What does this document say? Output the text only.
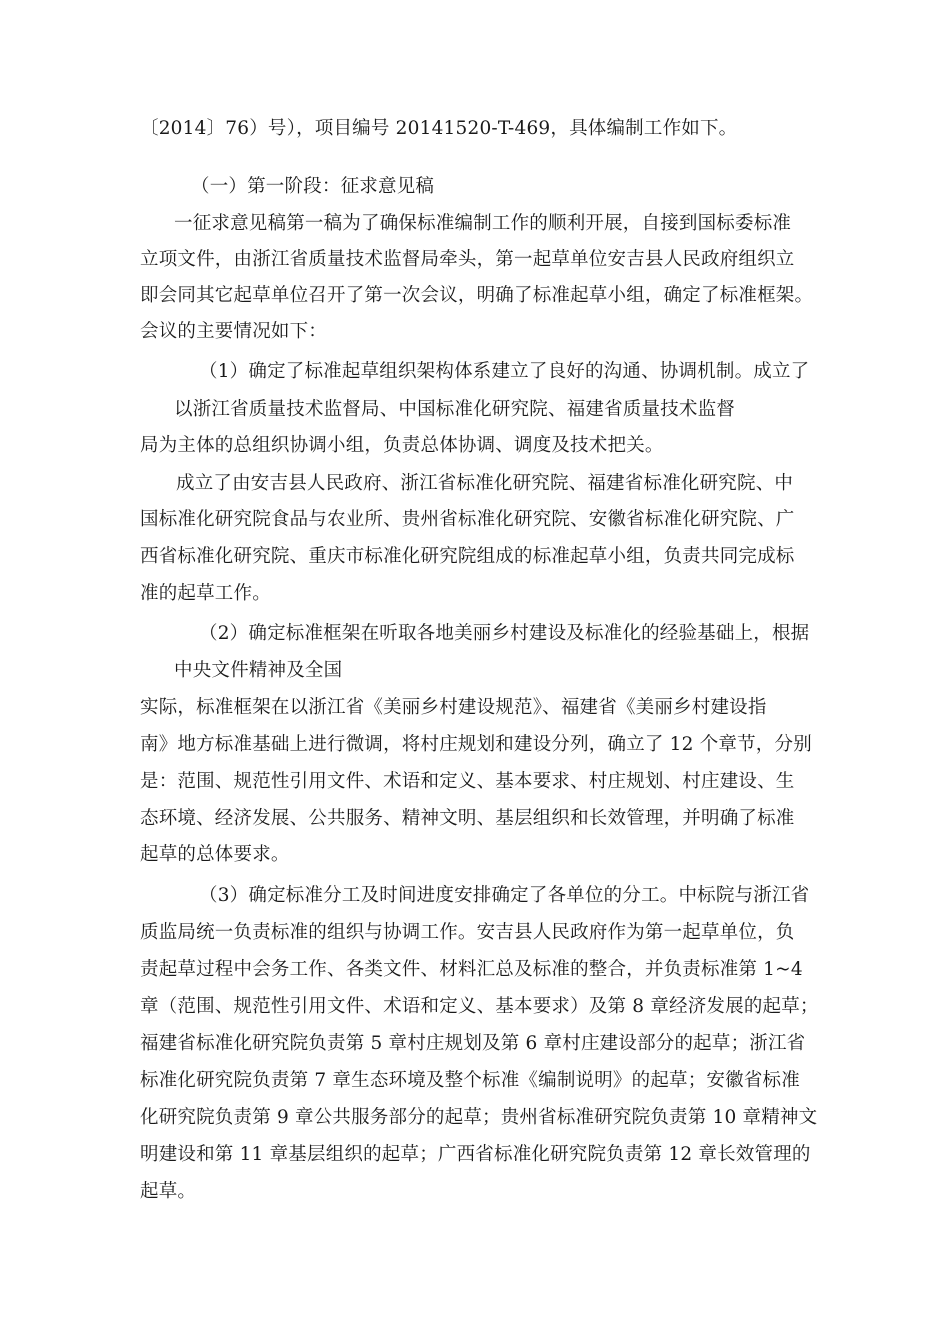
〔2014〕76）号），项目编号 20141520-T-469，具体编制工作如下。
（一）第一阶段：征求意见稿
一征求意见稿第一稿为了确保标准编制工作的顺利开展，自接到国标委标准
立项文件，由浙江省质量技术监督局牵头，第一起草单位安吉县人民政府组织立
即会同其它起草单位召开了第一次会议，明确了标准起草小组，确定了标准框架。
会议的主要情况如下：
（1）确定了标准起草组织架构体系建立了良好的沟通、协调机制。成立了
以浙江省质量技术监督局、中国标准化研究院、福建省质量技术监督
局为主体的总组织协调小组，负责总体协调、调度及技术把关。
成立了由安吉县人民政府、浙江省标准化研究院、福建省标准化研究院、中
国标准化研究院食品与农业所、贵州省标准化研究院、安徽省标准化研究院、广
西省标准化研究院、重庆市标准化研究院组成的标准起草小组，负责共同完成标
准的起草工作。
（2）确定标准框架在听取各地美丽乡村建设及标准化的经验基础上，根据
中央文件精神及全国
实际，标准框架在以浙江省《美丽乡村建设规范》、福建省《美丽乡村建设指
南》地方标准基础上进行微调，将村庄规划和建设分列，确立了 12 个章节，分别
是：范围、规范性引用文件、术语和定义、基本要求、村庄规划、村庄建设、生
态环境、经济发展、公共服务、精神文明、基层组织和长效管理，并明确了标准
起草的总体要求。
（3）确定标准分工及时间进度安排确定了各单位的分工。中标院与浙江省
质监局统一负责标准的组织与协调工作。安吉县人民政府作为第一起草单位，负
责起草过程中会务工作、各类文件、材料汇总及标准的整合，并负责标准第 1~4
章（范围、规范性引用文件、术语和定义、基本要求）及第 8 章经济发展的起草；
福建省标准化研究院负责第 5 章村庄规划及第 6 章村庄建设部分的起草；浙江省
标准化研究院负责第 7 章生态环境及整个标准《编制说明》的起草；安徽省标准
化研究院负责第 9 章公共服务部分的起草；贵州省标准研究院负责第 10 章精神文
明建设和第 11 章基层组织的起草；广西省标准化研究院负责第 12 章长效管理的
起草。
